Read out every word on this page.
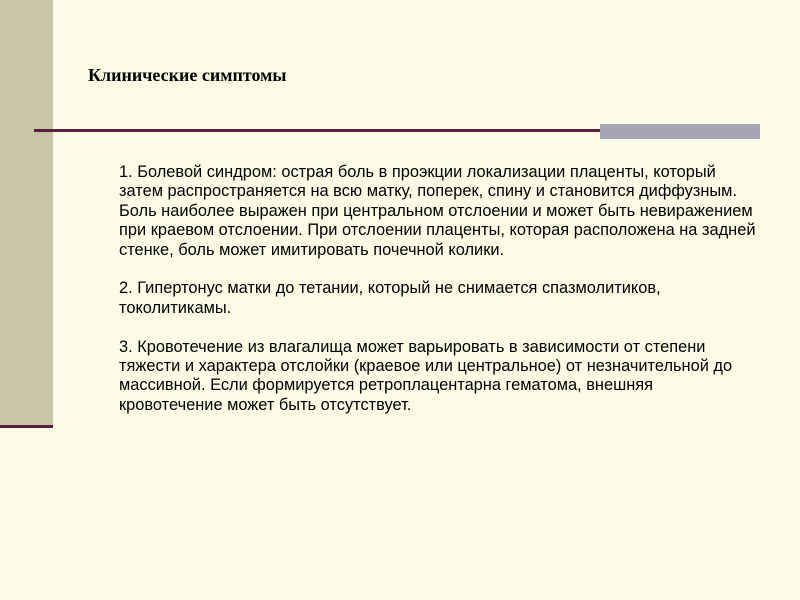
Клинические симптомы
1. Болевой синдром: острая боль в проэкции локализации плаценты, который затем распространяется на всю матку, поперек, спину и становится диффузным. Боль наиболее выражен при центральном отслоении и может быть невиражением при краевом отслоении. При отслоении плаценты, которая расположена на задней стенке, боль может имитировать почечной колики.
2. Гипертонус матки до тетании, который не снимается спазмолитиков, токолитикамы.
3. Кровотечение из влагалища может варьировать в зависимости от степени тяжести и характера отслойки (краевое или центральное) от незначительной до массивной. Если формируется ретроплацентарна гематома, внешняя кровотечение может быть отсутствует.
